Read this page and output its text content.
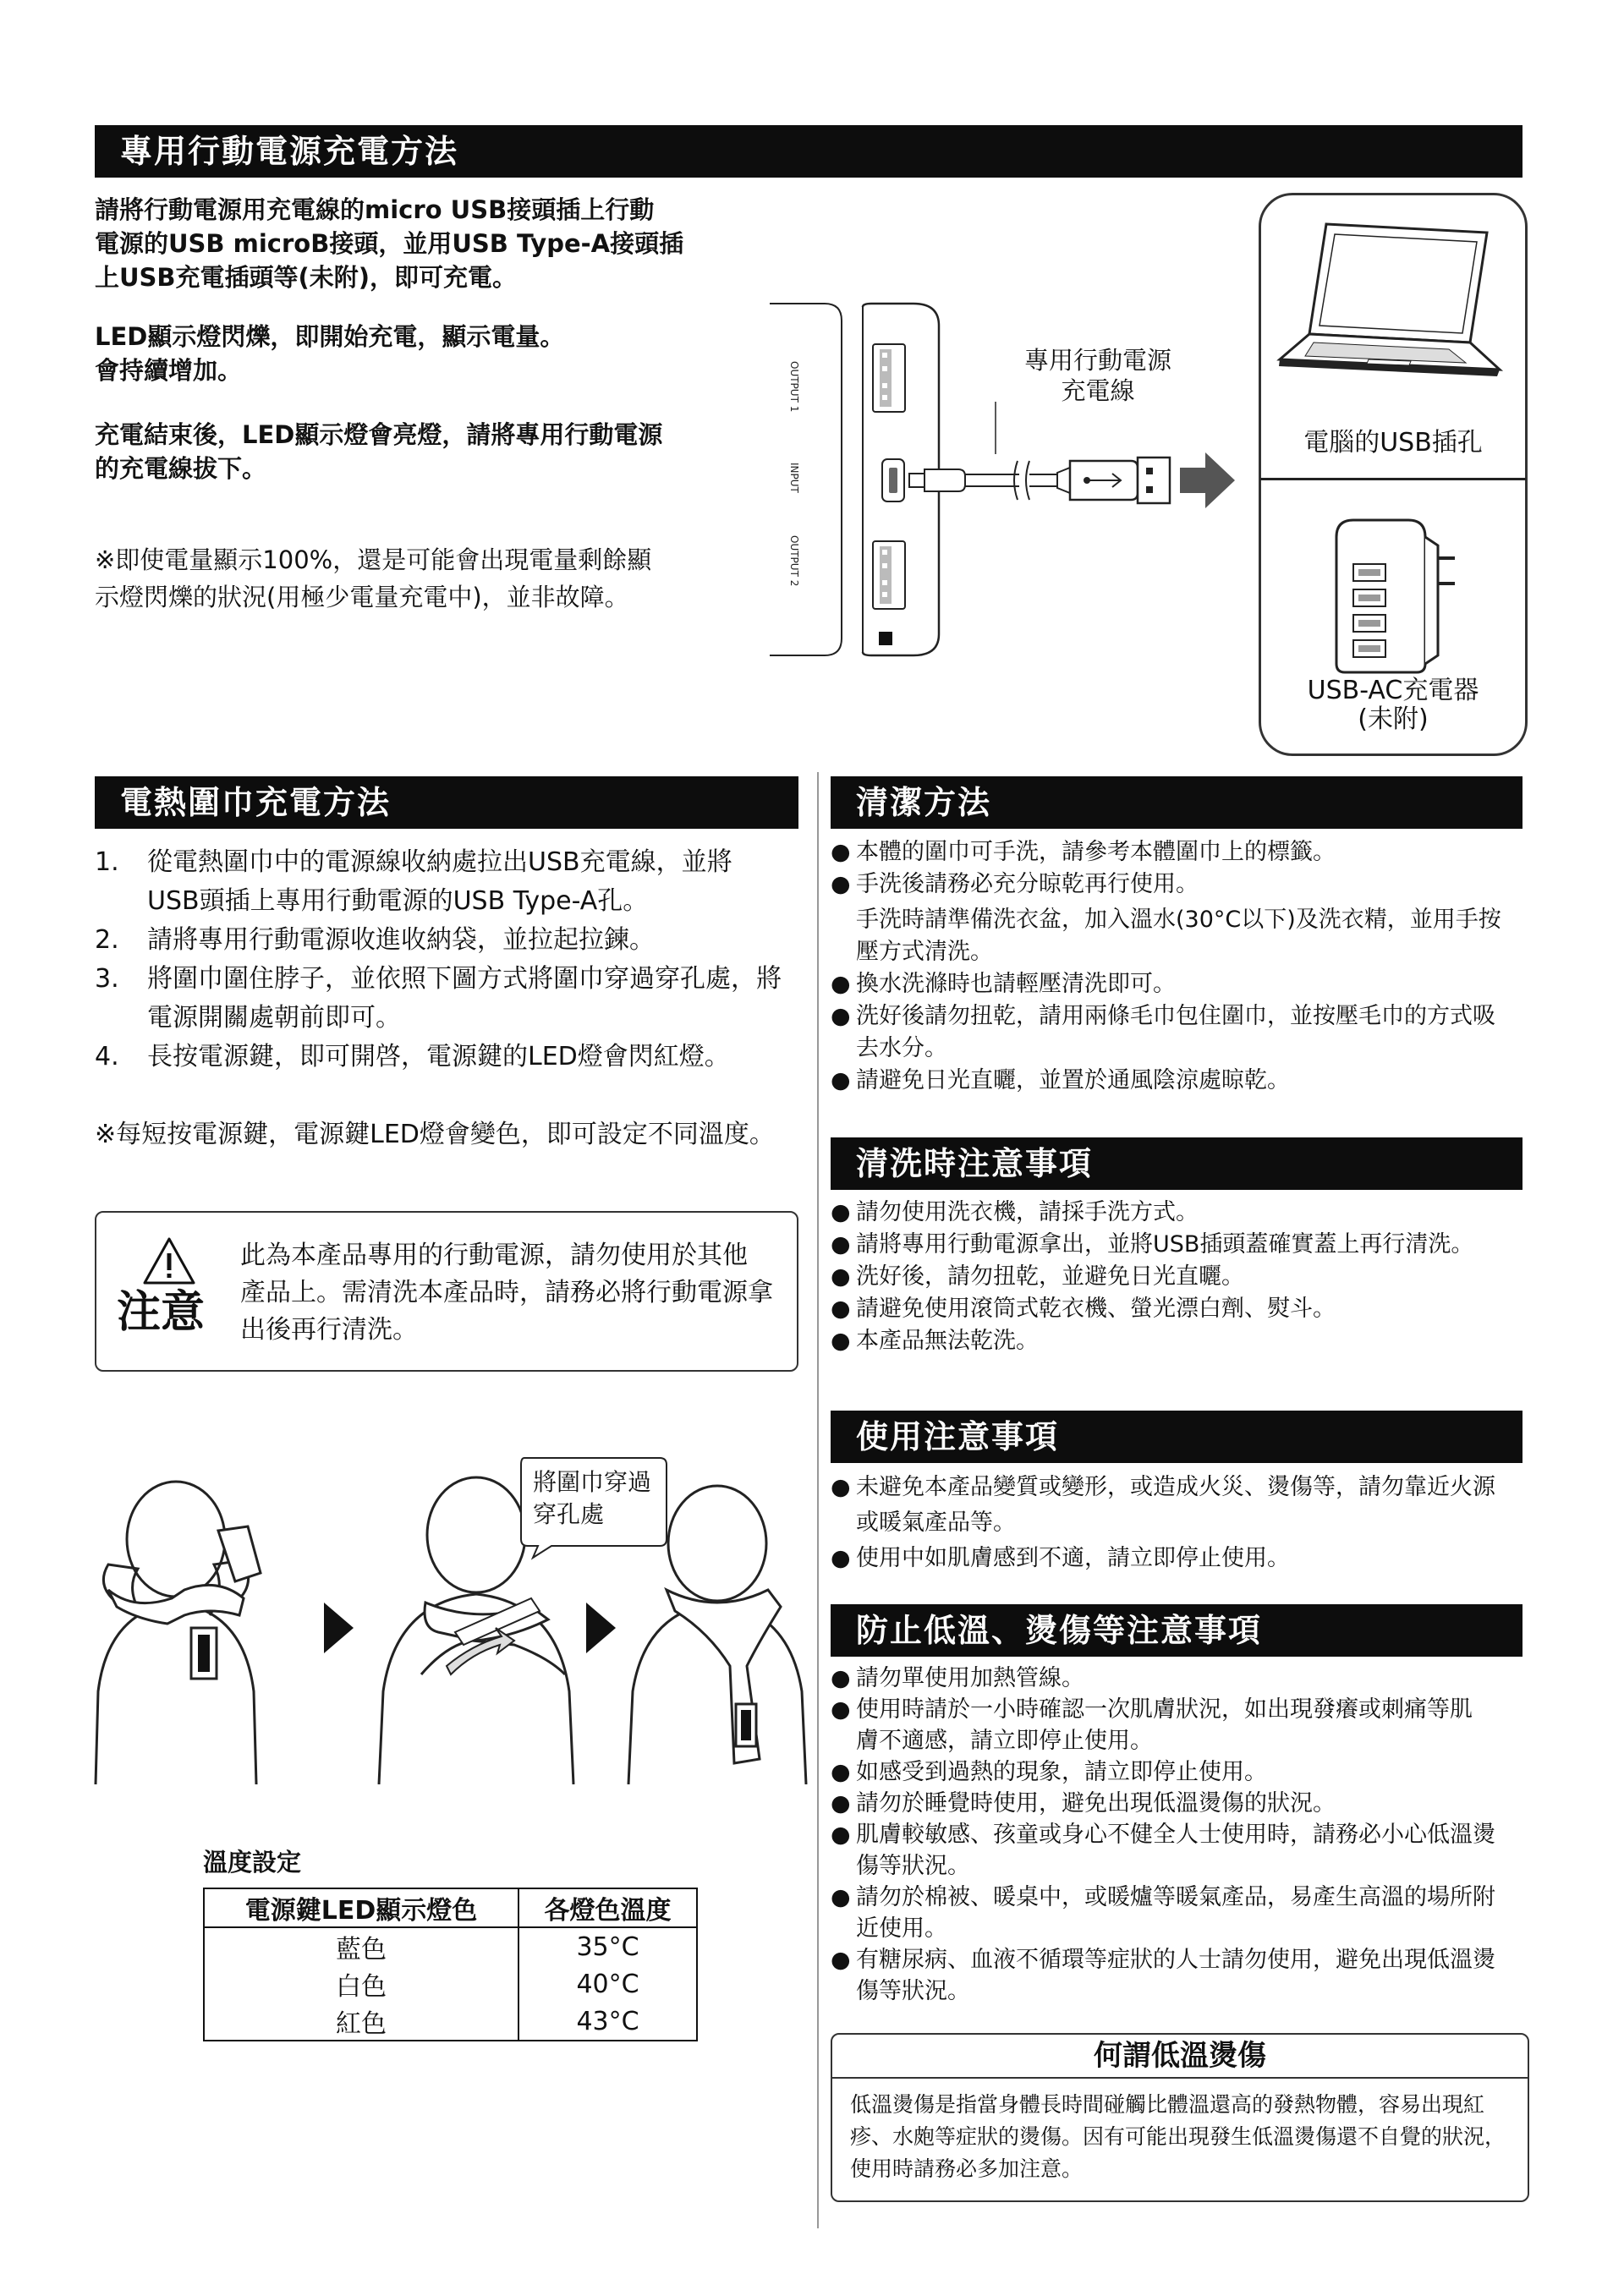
專用行動電源充電方法

請將行動電源用充電線的micro USB接頭插上行動

電源的USB microB接頭，並用USB Type-A接頭插

上USB充電插頭等(未附)，即可充電。

LED顯示燈閃爍，即開始充電，顯示電量。

會持續增加。

充電結束後，LED顯示燈會亮燈，請將專用行動電源

的充電線拔下。

※即使電量顯示100%，還是可能會出現電量剩餘顯

示燈閃爍的狀況(用極少電量充電中)，並非故障。

OUTPUT 1
INPUT
OUTPUT 2
專用行動電源
充電線
電腦的USB插孔
USB-AC充電器
(未附)
電熱圍巾充電方法
1. 從電熱圍巾中的電源線收納處拉出USB充電線，並將
USB頭插上專用行動電源的USB Type-A孔。
2. 請將專用行動電源收進收納袋，並拉起拉鍊。
3. 將圍巾圍住脖子，並依照下圖方式將圍巾穿過穿孔處，將
電源開關處朝前即可。
4. 長按電源鍵，即可開啓，電源鍵的LED燈會閃紅燈。
※每短按電源鍵，電源鍵LED燈會變色，即可設定不同溫度。
注意
此為本產品專用的行動電源，請勿使用於其他
產品上。需清洗本產品時，請務必將行動電源拿
出後再行清洗。
將圍巾穿過
穿孔處
溫度設定
電源鍵LED顯示燈色	各燈色溫度
藍色	35°C
白色	40°C
紅色	43°C
清潔方法
● 本體的圍巾可手洗，請參考本體圍巾上的標籤。
● 手洗後請務必充分晾乾再行使用。
手洗時請準備洗衣盆，加入溫水(30°C以下)及洗衣精，並用手按
壓方式清洗。
● 換水洗滌時也請輕壓清洗即可。
● 洗好後請勿扭乾，請用兩條毛巾包住圍巾，並按壓毛巾的方式吸
去水分。
● 請避免日光直曬，並置於通風陰涼處晾乾。
清洗時注意事項
● 請勿使用洗衣機，請採手洗方式。
● 請將專用行動電源拿出，並將USB插頭蓋確實蓋上再行清洗。
● 洗好後，請勿扭乾，並避免日光直曬。
● 請避免使用滾筒式乾衣機、螢光漂白劑、熨斗。
● 本產品無法乾洗。
使用注意事項
● 未避免本產品變質或變形，或造成火災、燙傷等，請勿靠近火源
或暖氣產品等。
● 使用中如肌膚感到不適，請立即停止使用。
防止低溫、燙傷等注意事項
● 請勿單使用加熱管線。
● 使用時請於一小時確認一次肌膚狀況，如出現發癢或刺痛等肌
膚不適感，請立即停止使用。
● 如感受到過熱的現象，請立即停止使用。
● 請勿於睡覺時使用，避免出現低溫燙傷的狀況。
● 肌膚較敏感、孩童或身心不健全人士使用時，請務必小心低溫燙
傷等狀況。
● 請勿於棉被、暖桌中，或暖爐等暖氣產品，易產生高溫的場所附
近使用。
● 有糖尿病、血液不循環等症狀的人士請勿使用，避免出現低溫燙
傷等狀況。
何謂低溫燙傷
低溫燙傷是指當身體長時間碰觸比體溫還高的發熱物體，容易出現紅
疹、水皰等症狀的燙傷。因有可能出現發生低溫燙傷還不自覺的狀況，
使用時請務必多加注意。
